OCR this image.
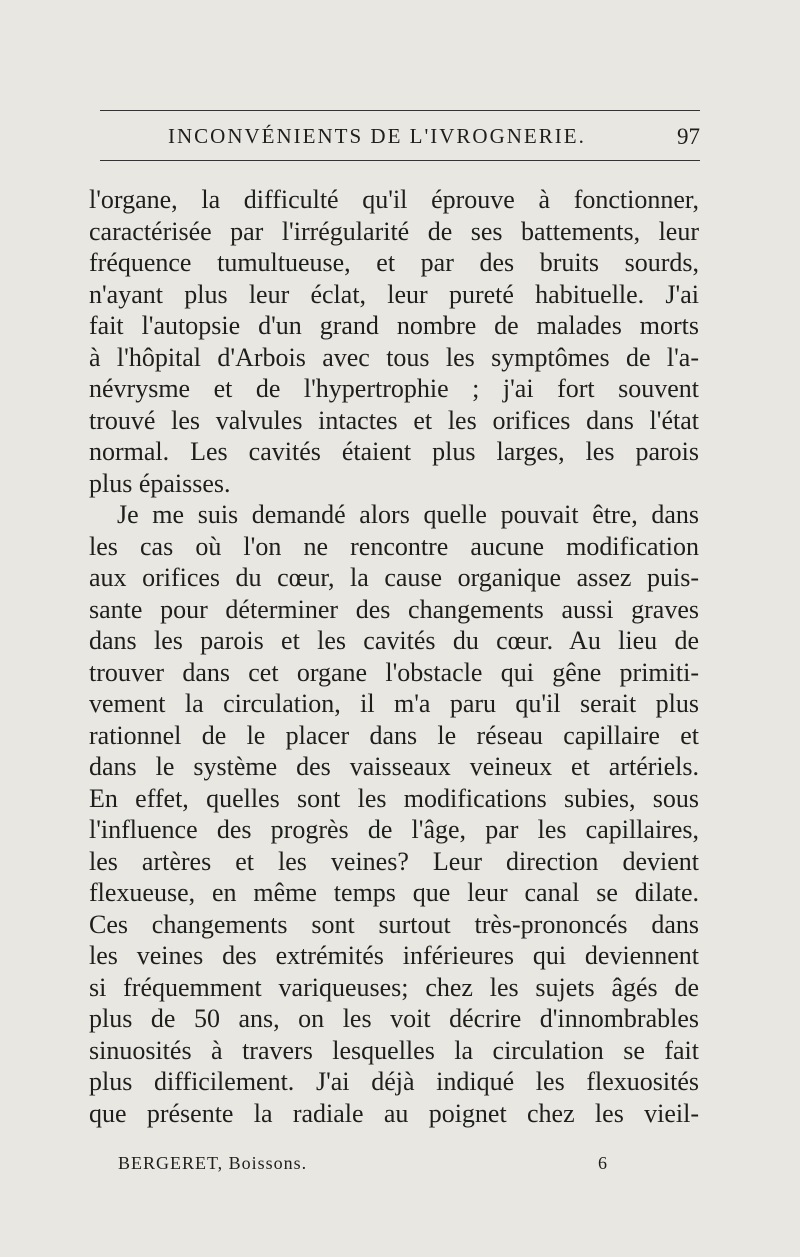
INCONVÉNIENTS DE L'IVROGNERIE.	97
l'organe, la difficulté qu'il éprouve à fonctionner,
caractérisée par l'irrégularité de ses battements, leur
fréquence tumultueuse, et par des bruits sourds,
n'ayant plus leur éclat, leur pureté habituelle. J'ai
fait l'autopsie d'un grand nombre de malades morts
à l'hôpital d'Arbois avec tous les symptômes de l'a-
névrysme et de l'hypertrophie ; j'ai fort souvent
trouvé les valvules intactes et les orifices dans l'état
normal. Les cavités étaient plus larges, les parois
plus épaisses.
Je me suis demandé alors quelle pouvait être, dans
les cas où l'on ne rencontre aucune modification
aux orifices du cœur, la cause organique assez puis-
sante pour déterminer des changements aussi graves
dans les parois et les cavités du cœur. Au lieu de
trouver dans cet organe l'obstacle qui gêne primiti-
vement la circulation, il m'a paru qu'il serait plus
rationnel de le placer dans le réseau capillaire et
dans le système des vaisseaux veineux et artériels.
En effet, quelles sont les modifications subies, sous
l'influence des progrès de l'âge, par les capillaires,
les artères et les veines? Leur direction devient
flexueuse, en même temps que leur canal se dilate.
Ces changements sont surtout très-prononcés dans
les veines des extrémités inférieures qui deviennent
si fréquemment variqueuses; chez les sujets âgés de
plus de 50 ans, on les voit décrire d'innombrables
sinuosités à travers lesquelles la circulation se fait
plus difficilement. J'ai déjà indiqué les flexuosités
que présente la radiale au poignet chez les vieil-
BERGERET, Boissons.	6
